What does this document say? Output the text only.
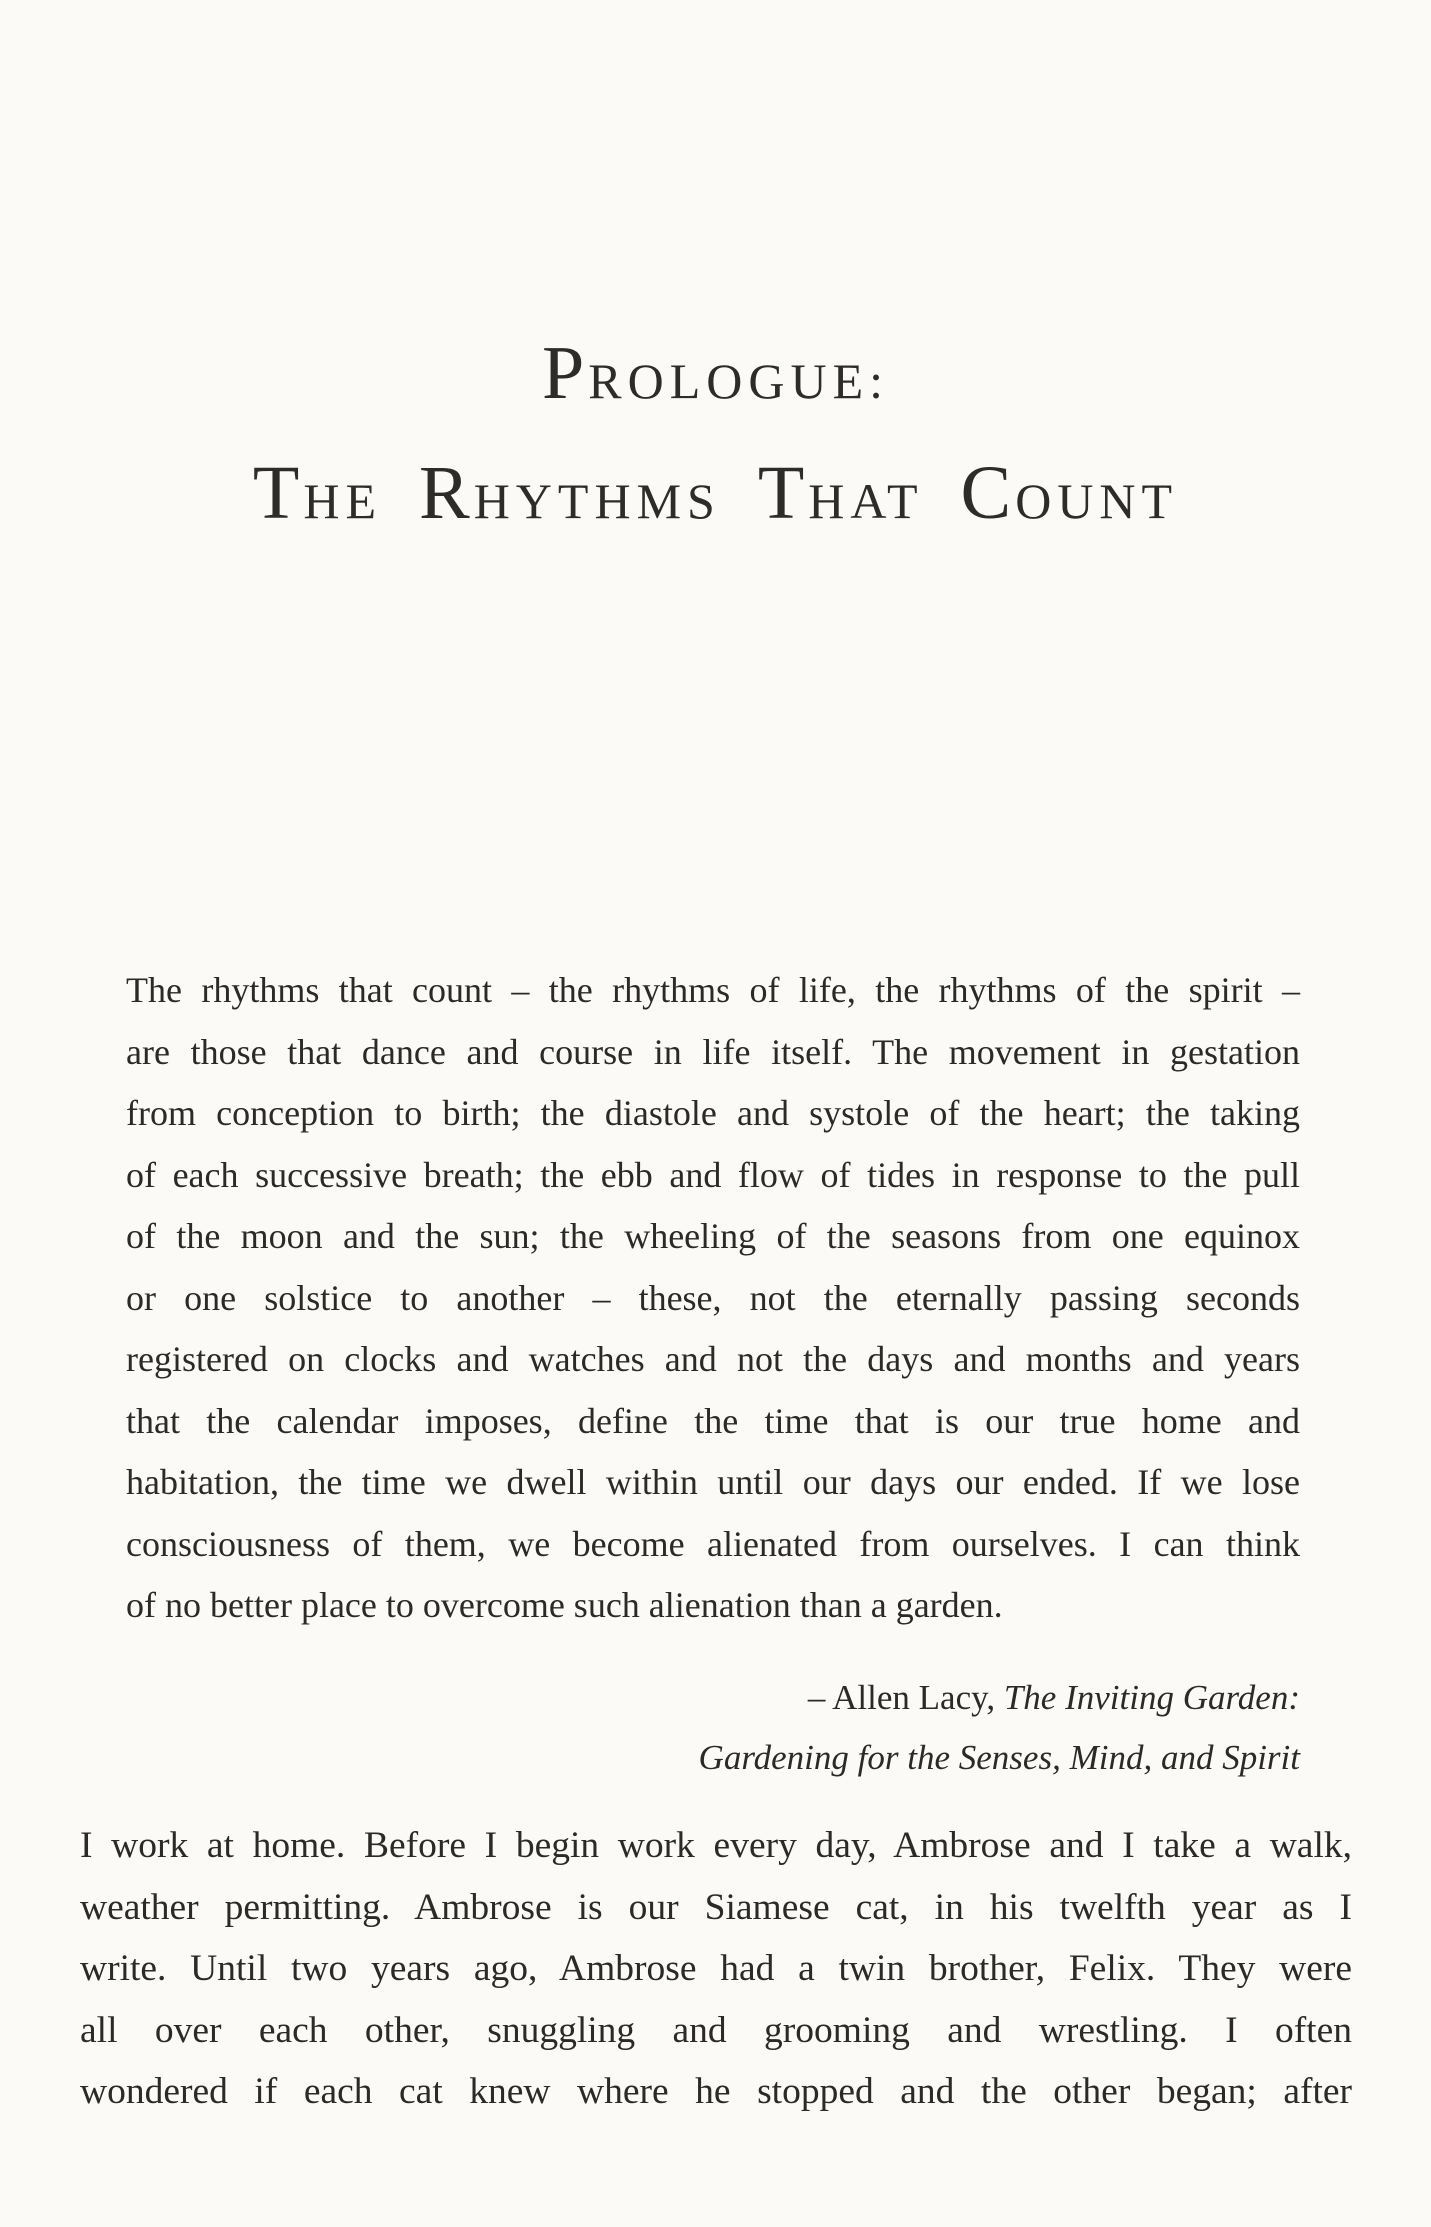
PROLOGUE:
THE RHYTHMS THAT COUNT

The rhythms that count – the rhythms of life, the rhythms of the spirit –
are those that dance and course in life itself. The movement in gestation
from conception to birth; the diastole and systole of the heart; the taking
of each successive breath; the ebb and flow of tides in response to the pull
of the moon and the sun; the wheeling of the seasons from one equinox
or one solstice to another – these, not the eternally passing seconds
registered on clocks and watches and not the days and months and years
that the calendar imposes, define the time that is our true home and
habitation, the time we dwell within until our days our ended. If we lose
consciousness of them, we become alienated from ourselves. I can think
of no better place to overcome such alienation than a garden.

– Allen Lacy, The Inviting Garden:
Gardening for the Senses, Mind, and Spirit

I work at home. Before I begin work every day, Ambrose and I take a walk,
weather permitting. Ambrose is our Siamese cat, in his twelfth year as I
write. Until two years ago, Ambrose had a twin brother, Felix. They were
all over each other, snuggling and grooming and wrestling. I often
wondered if each cat knew where he stopped and the other began; after
